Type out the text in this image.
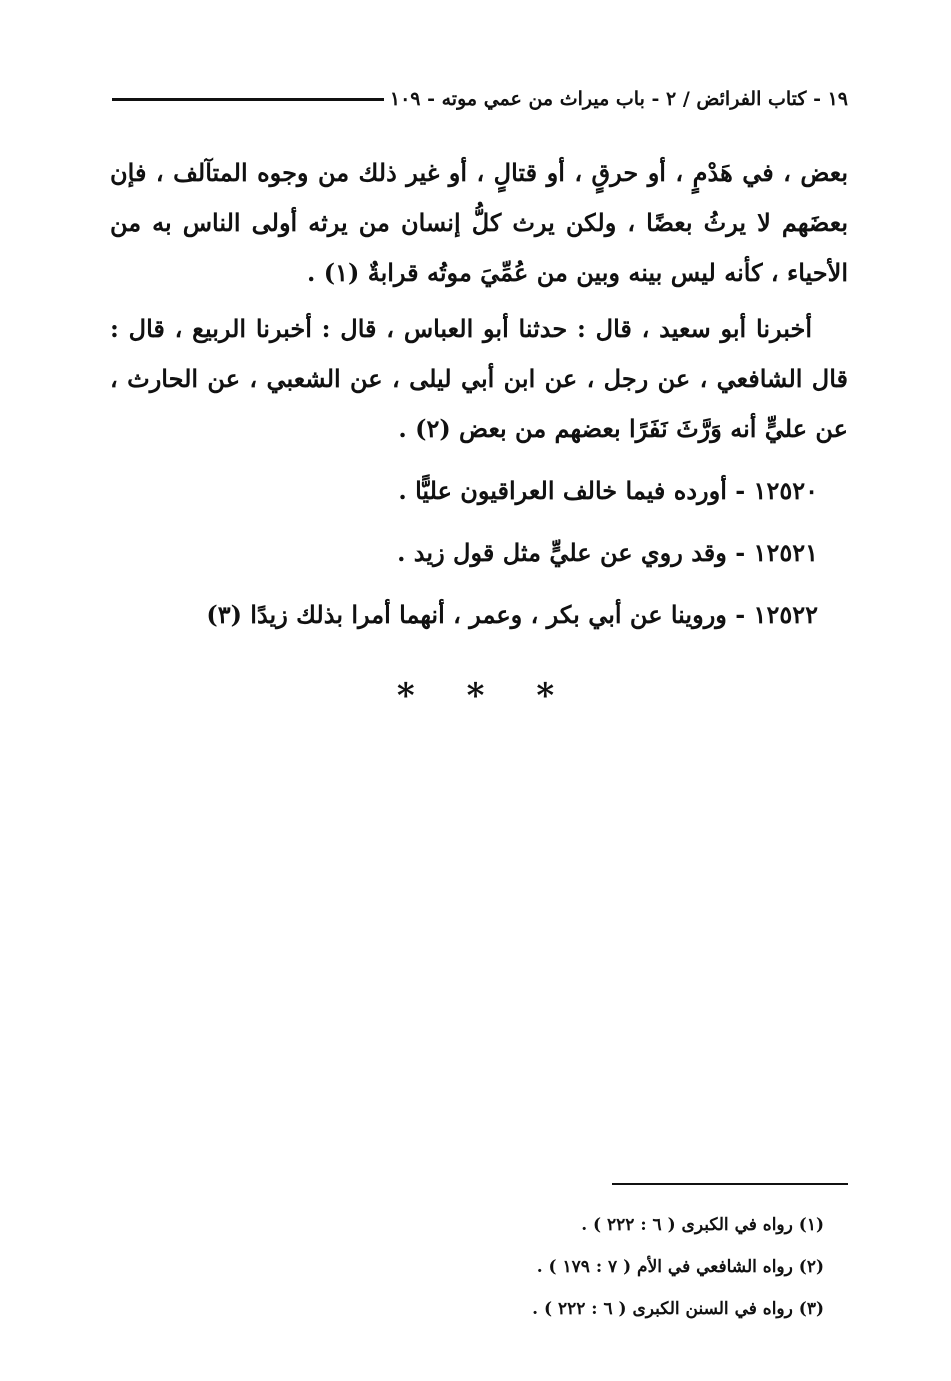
١٩ - كتاب الفرائض / ٢ - باب ميراث من عمي موته - ١٠٩

بعض ، في هَدْمٍ ، أو حرقٍ ، أو قتالٍ ، أو غير ذلك من وجوه المتآلف ، فإن بعضَهم لا يرثُ بعضًا ، ولكن يرث كلُّ إنسان من يرثه أولى الناس به من الأحياء ، كأنه ليس بينه وبين من عُمِّيَ موتُه قرابةٌ (١) .

أخبرنا أبو سعيد ، قال : حدثنا أبو العباس ، قال : أخبرنا الربيع ، قال : قال الشافعي ، عن رجل ، عن ابن أبي ليلى ، عن الشعبي ، عن الحارث ، عن عليٍّ أنه وَرَّثَ نَفَرًا بعضهم من بعض (٢) .

١٢٥٢٠ - أورده فيما خالف العراقيون عليًّا .

١٢٥٢١ - وقد روي عن عليٍّ مثل قول زيد .

١٢٥٢٢ - وروينا عن أبي بكر ، وعمر ، أنهما أمرا بذلك زيدًا (٣)

* * *

(١) رواه في الكبرى ( ٦ : ٢٢٢ ) .

(٢) رواه الشافعي في الأم ( ٧ : ١٧٩ ) .

(٣) رواه في السنن الكبرى ( ٦ : ٢٢٢ ) .
